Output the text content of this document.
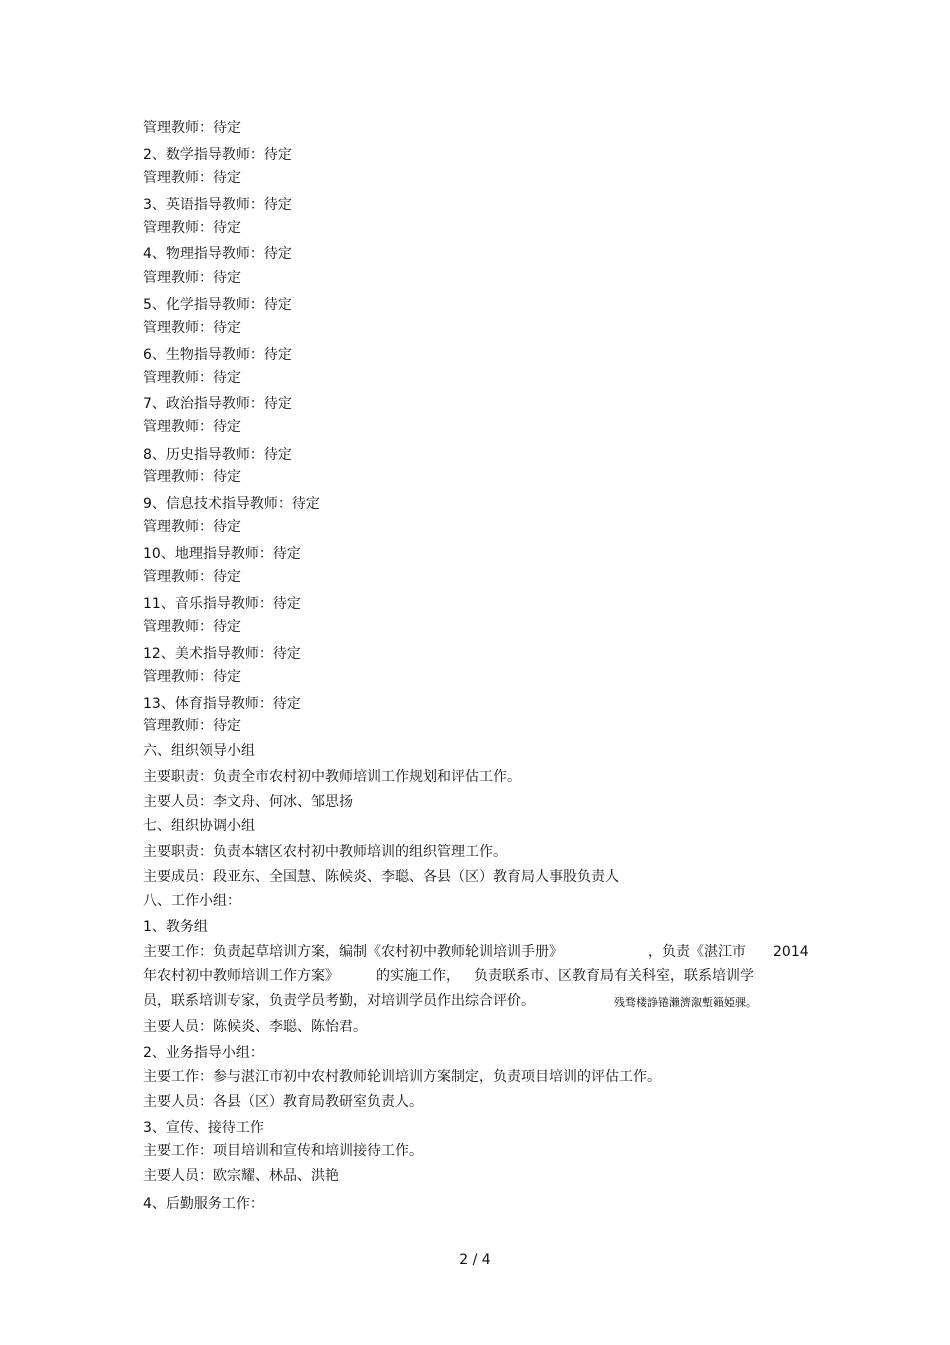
管理教师：待定
2、数学指导教师：待定
管理教师：待定
3、英语指导教师：待定
管理教师：待定
4、物理指导教师：待定
管理教师：待定
5、化学指导教师：待定
管理教师：待定
6、生物指导教师：待定
管理教师：待定
7、政治指导教师：待定
管理教师：待定
8、历史指导教师：待定
管理教师：待定
9、信息技术指导教师：待定
管理教师：待定
10、地理指导教师：待定
管理教师：待定
11、音乐指导教师：待定
管理教师：待定
12、美术指导教师：待定
管理教师：待定
13、体育指导教师：待定
管理教师：待定
六、组织领导小组
主要职责：负责全市农村初中教师培训工作规划和评估工作。
主要人员：李文舟、何冰、邹思扬
七、组织协调小组
主要职责：负责本辖区农村初中教师培训的组织管理工作。
主要成员：段亚东、全国慧、陈候炎、李聪、各县（区）教育局人事股负责人
八、工作小组：
1、教务组
主要工作：负责起草培训方案，编制《农村初中教师轮训培训手册》	，负责《湛江市 2014
年农村初中教师培训工作方案》	的实施工作， 负责联系市、区教育局有关科室，联系培训学
员，联系培训专家，负责学员考勤，对培训学员作出综合评价。	残骛楼諍锩瀨濟溆塹籟婭骒。
主要人员：陈候炎、李聪、陈怡君。
2、业务指导小组：
主要工作：参与湛江市初中农村教师轮训培训方案制定，负责项目培训的评估工作。
主要人员：各县（区）教育局教研室负责人。
3、宣传、接待工作
主要工作：项目培训和宣传和培训接待工作。
主要人员：欧宗耀、林品、洪艳
4、后勤服务工作：
2 / 4
